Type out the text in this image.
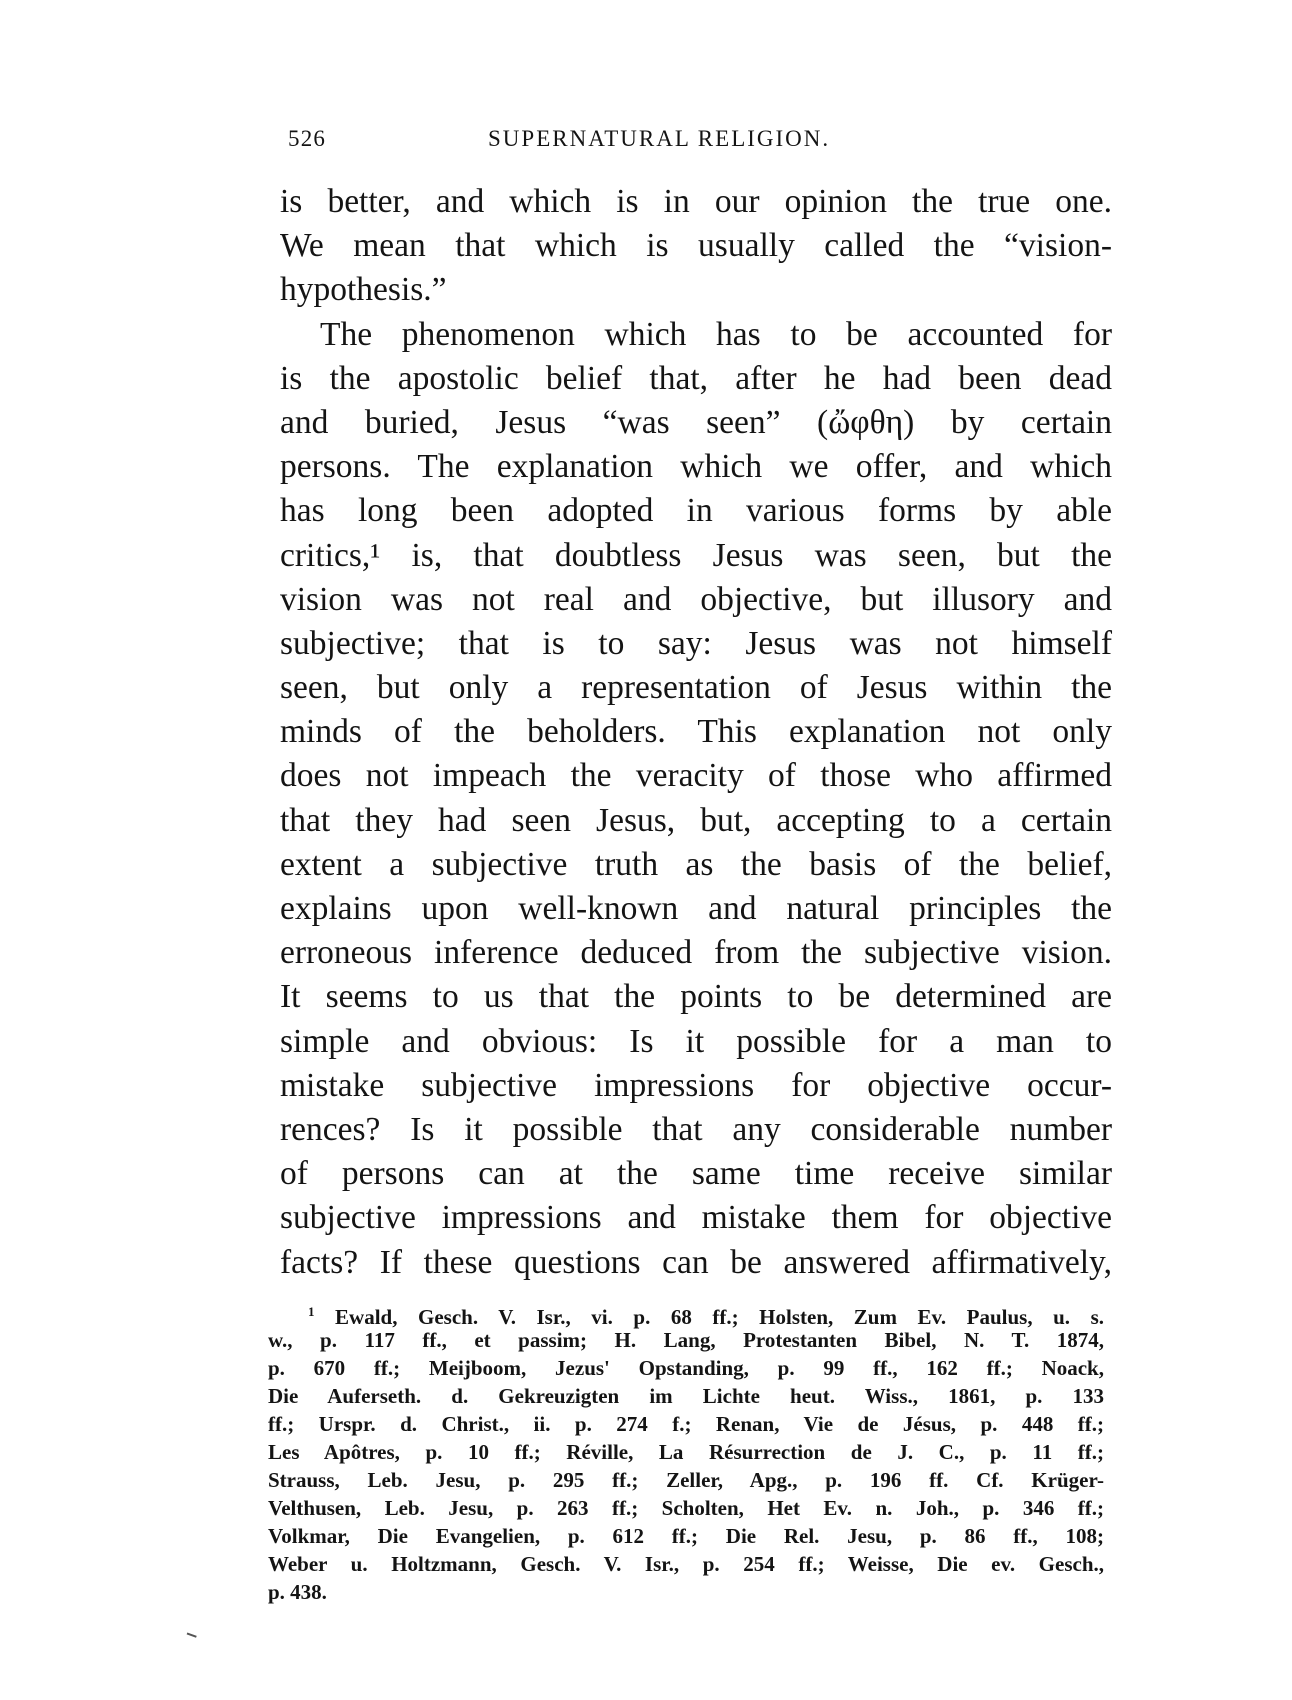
526	SUPERNATURAL RELIGION.
is better, and which is in our opinion the true one.
We mean that which is usually called the “vision-
hypothesis.”
The phenomenon which has to be accounted for
is the apostolic belief that, after he had been dead
and buried, Jesus “was seen” (ὤφθη) by certain
persons. The explanation which we offer, and which
has long been adopted in various forms by able
critics,¹ is, that doubtless Jesus was seen, but the
vision was not real and objective, but illusory and
subjective; that is to say: Jesus was not himself
seen, but only a representation of Jesus within the
minds of the beholders. This explanation not only
does not impeach the veracity of those who affirmed
that they had seen Jesus, but, accepting to a certain
extent a subjective truth as the basis of the belief,
explains upon well-known and natural principles the
erroneous inference deduced from the subjective vision.
It seems to us that the points to be determined are
simple and obvious: Is it possible for a man to
mistake subjective impressions for objective occur-
rences? Is it possible that any considerable number
of persons can at the same time receive similar
subjective impressions and mistake them for objective
facts? If these questions can be answered affirmatively,
$^1$ Ewald, Gesch. V. Isr., vi. p. 68 ff.; Holsten, Zum Ev. Paulus, u. s.
w., p. 117 ff., et passim; H. Lang, Protestanten Bibel, N. T. 1874,
p. 670 ff.; Meijboom, Jezus' Opstanding, p. 99 ff., 162 ff.; Noack,
Die Auferseth. d. Gekreuzigten im Lichte heut. Wiss., 1861, p. 133
ff.; Urspr. d. Christ., ii. p. 274 f.; Renan, Vie de Jésus, p. 448 ff.;
Les Apôtres, p. 10 ff.; Réville, La Résurrection de J. C., p. 11 ff.;
Strauss, Leb. Jesu, p. 295 ff.; Zeller, Apg., p. 196 ff. Cf. Krüger-
Velthusen, Leb. Jesu, p. 263 ff.; Scholten, Het Ev. n. Joh., p. 346 ff.;
Volkmar, Die Evangelien, p. 612 ff.; Die Rel. Jesu, p. 86 ff., 108;
Weber u. Holtzmann, Gesch. V. Isr., p. 254 ff.; Weisse, Die ev. Gesch.,
p. 438.
